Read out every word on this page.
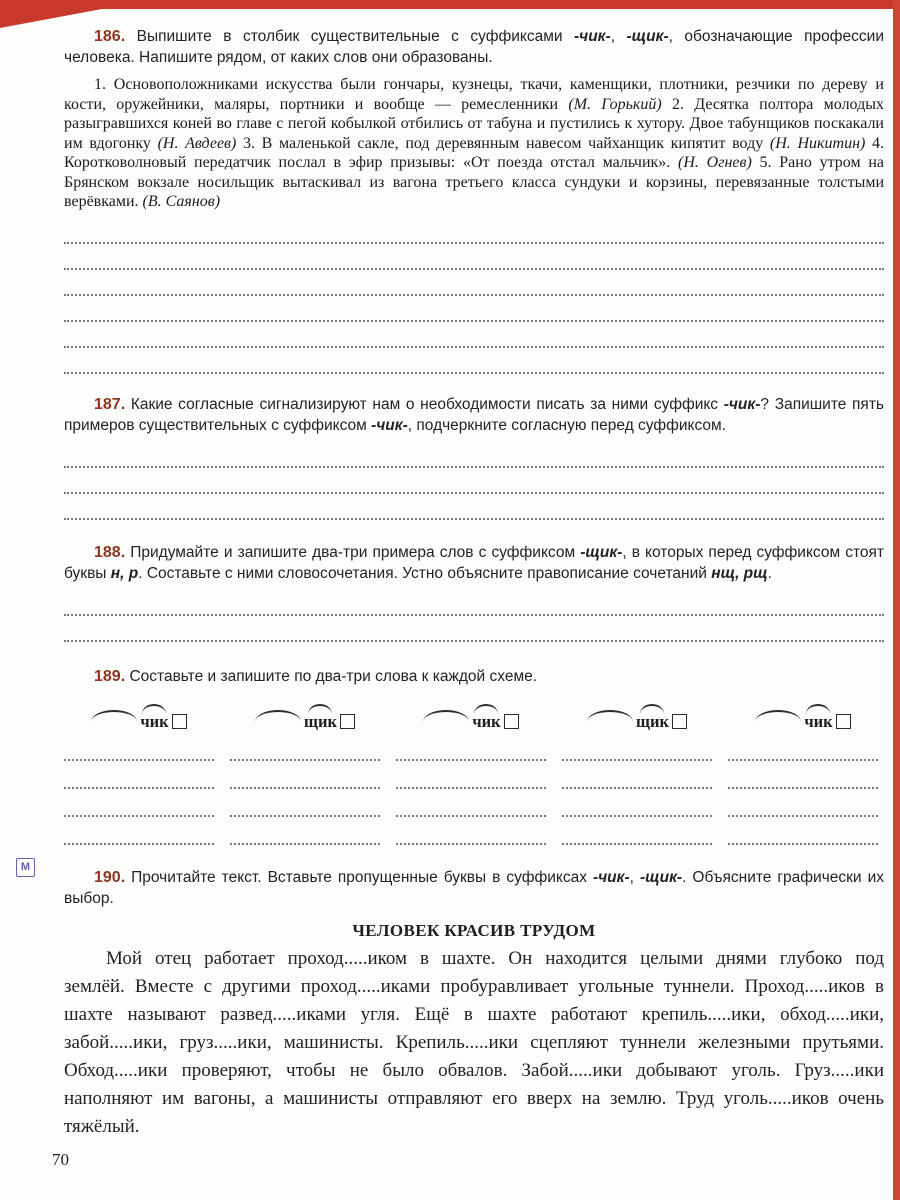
186. Выпишите в столбик существительные с суффиксами -чик-, -щик-, обозначающие профессии человека. Напишите рядом, от каких слов они образованы.

1. Основоположниками искусства были гончары, кузнецы, ткачи, каменщики, плотники, резчики по дереву и кости, оружейники, маляры, портники и вообще — ремесленники (М. Горький) 2. Десятка полтора молодых разыгравшихся коней во главе с пегой кобылкой отбились от табуна и пустились к хутору. Двое табунщиков поскакали им вдогонку (Н. Авдеев) 3. В маленькой сакле, под деревянным навесом чайханщик кипятит воду (Н. Никитин) 4. Коротковолновый передатчик послал в эфир призывы: «От поезда отстал мальчик». (Н. Огнев) 5. Рано утром на Брянском вокзале носильщик вытаскивал из вагона третьего класса сундуки и корзины, перевязанные толстыми верёвками. (В. Саянов)

187. Какие согласные сигнализируют нам о необходимости писать за ними суффикс -чик-? Запишите пять примеров существительных с суффиксом -чик-, подчеркните согласную перед суффиксом.

188. Придумайте и запишите два-три примера слов с суффиксом -щик-, в которых перед суффиксом стоят буквы н, р. Составьте с ними словосочетания. Устно объясните правописание сочетаний нщ, рщ.

189. Составьте и запишите по два-три слова к каждой схеме.

чик	щик	чик	щик	чик

190. Прочитайте текст. Вставьте пропущенные буквы в суффиксах -чик-, -щик-. Объясните графически их выбор.

ЧЕЛОВЕК КРАСИВ ТРУДОМ

Мой отец работает проход.....иком в шахте. Он находится целыми днями глубоко под землёй. Вместе с другими проход.....иками пробуравливает угольные туннели. Проход.....иков в шахте называют развед.....иками угля. Ещё в шахте работают крепиль.....ики, обход.....ики, забой.....ики, груз.....ики, машинисты. Крепиль.....ики сцепляют туннели железными прутьями. Обход.....ики проверяют, чтобы не было обвалов. Забой.....ики добывают уголь. Груз.....ики наполняют им вагоны, а машинисты отправляют его вверх на землю. Труд уголь.....иков очень тяжёлый.

М
70
